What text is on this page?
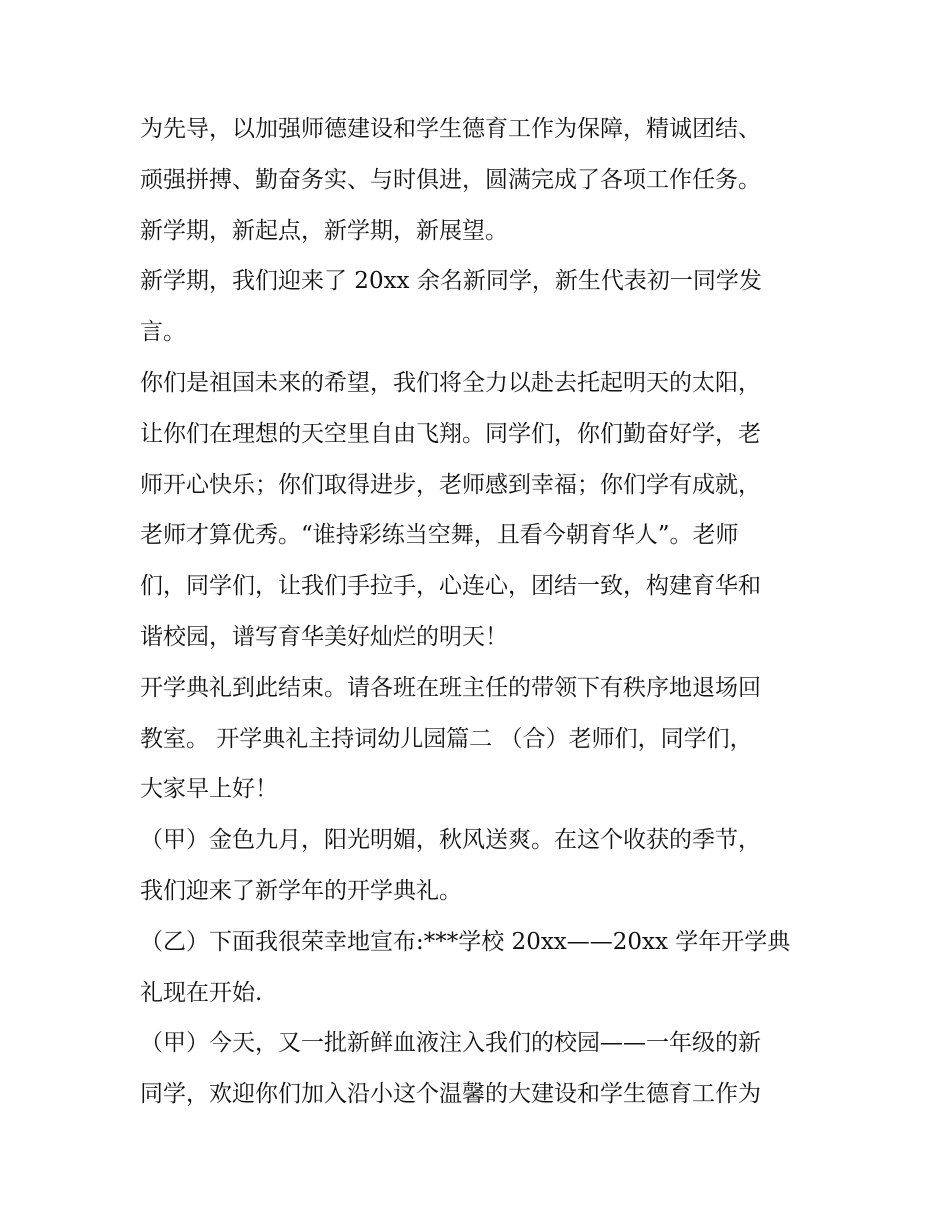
为先导，以加强师德建设和学生德育工作为保障，精诚团结、
顽强拼搏、勤奋务实、与时俱进，圆满完成了各项工作任务。
新学期，新起点，新学期，新展望。
新学期，我们迎来了 20xx 余名新同学，新生代表初一同学发
言。
你们是祖国未来的希望，我们将全力以赴去托起明天的太阳，
让你们在理想的天空里自由飞翔。同学们，你们勤奋好学，老
师开心快乐；你们取得进步，老师感到幸福；你们学有成就，
老师才算优秀。“谁持彩练当空舞，且看今朝育华人”。老师
们，同学们，让我们手拉手，心连心，团结一致，构建育华和
谐校园，谱写育华美好灿烂的明天！
开学典礼到此结束。请各班在班主任的带领下有秩序地退场回
教室。 开学典礼主持词幼儿园篇二 （合）老师们，同学们，
大家早上好！
（甲）金色九月，阳光明媚，秋风送爽。在这个收获的季节，
我们迎来了新学年的开学典礼。
（乙）下面我很荣幸地宣布:***学校 20xx——20xx 学年开学典
礼现在开始.
（甲）今天，又一批新鲜血液注入我们的校园——一年级的新
同学，欢迎你们加入沿小这个温馨的大建设和学生德育工作为
